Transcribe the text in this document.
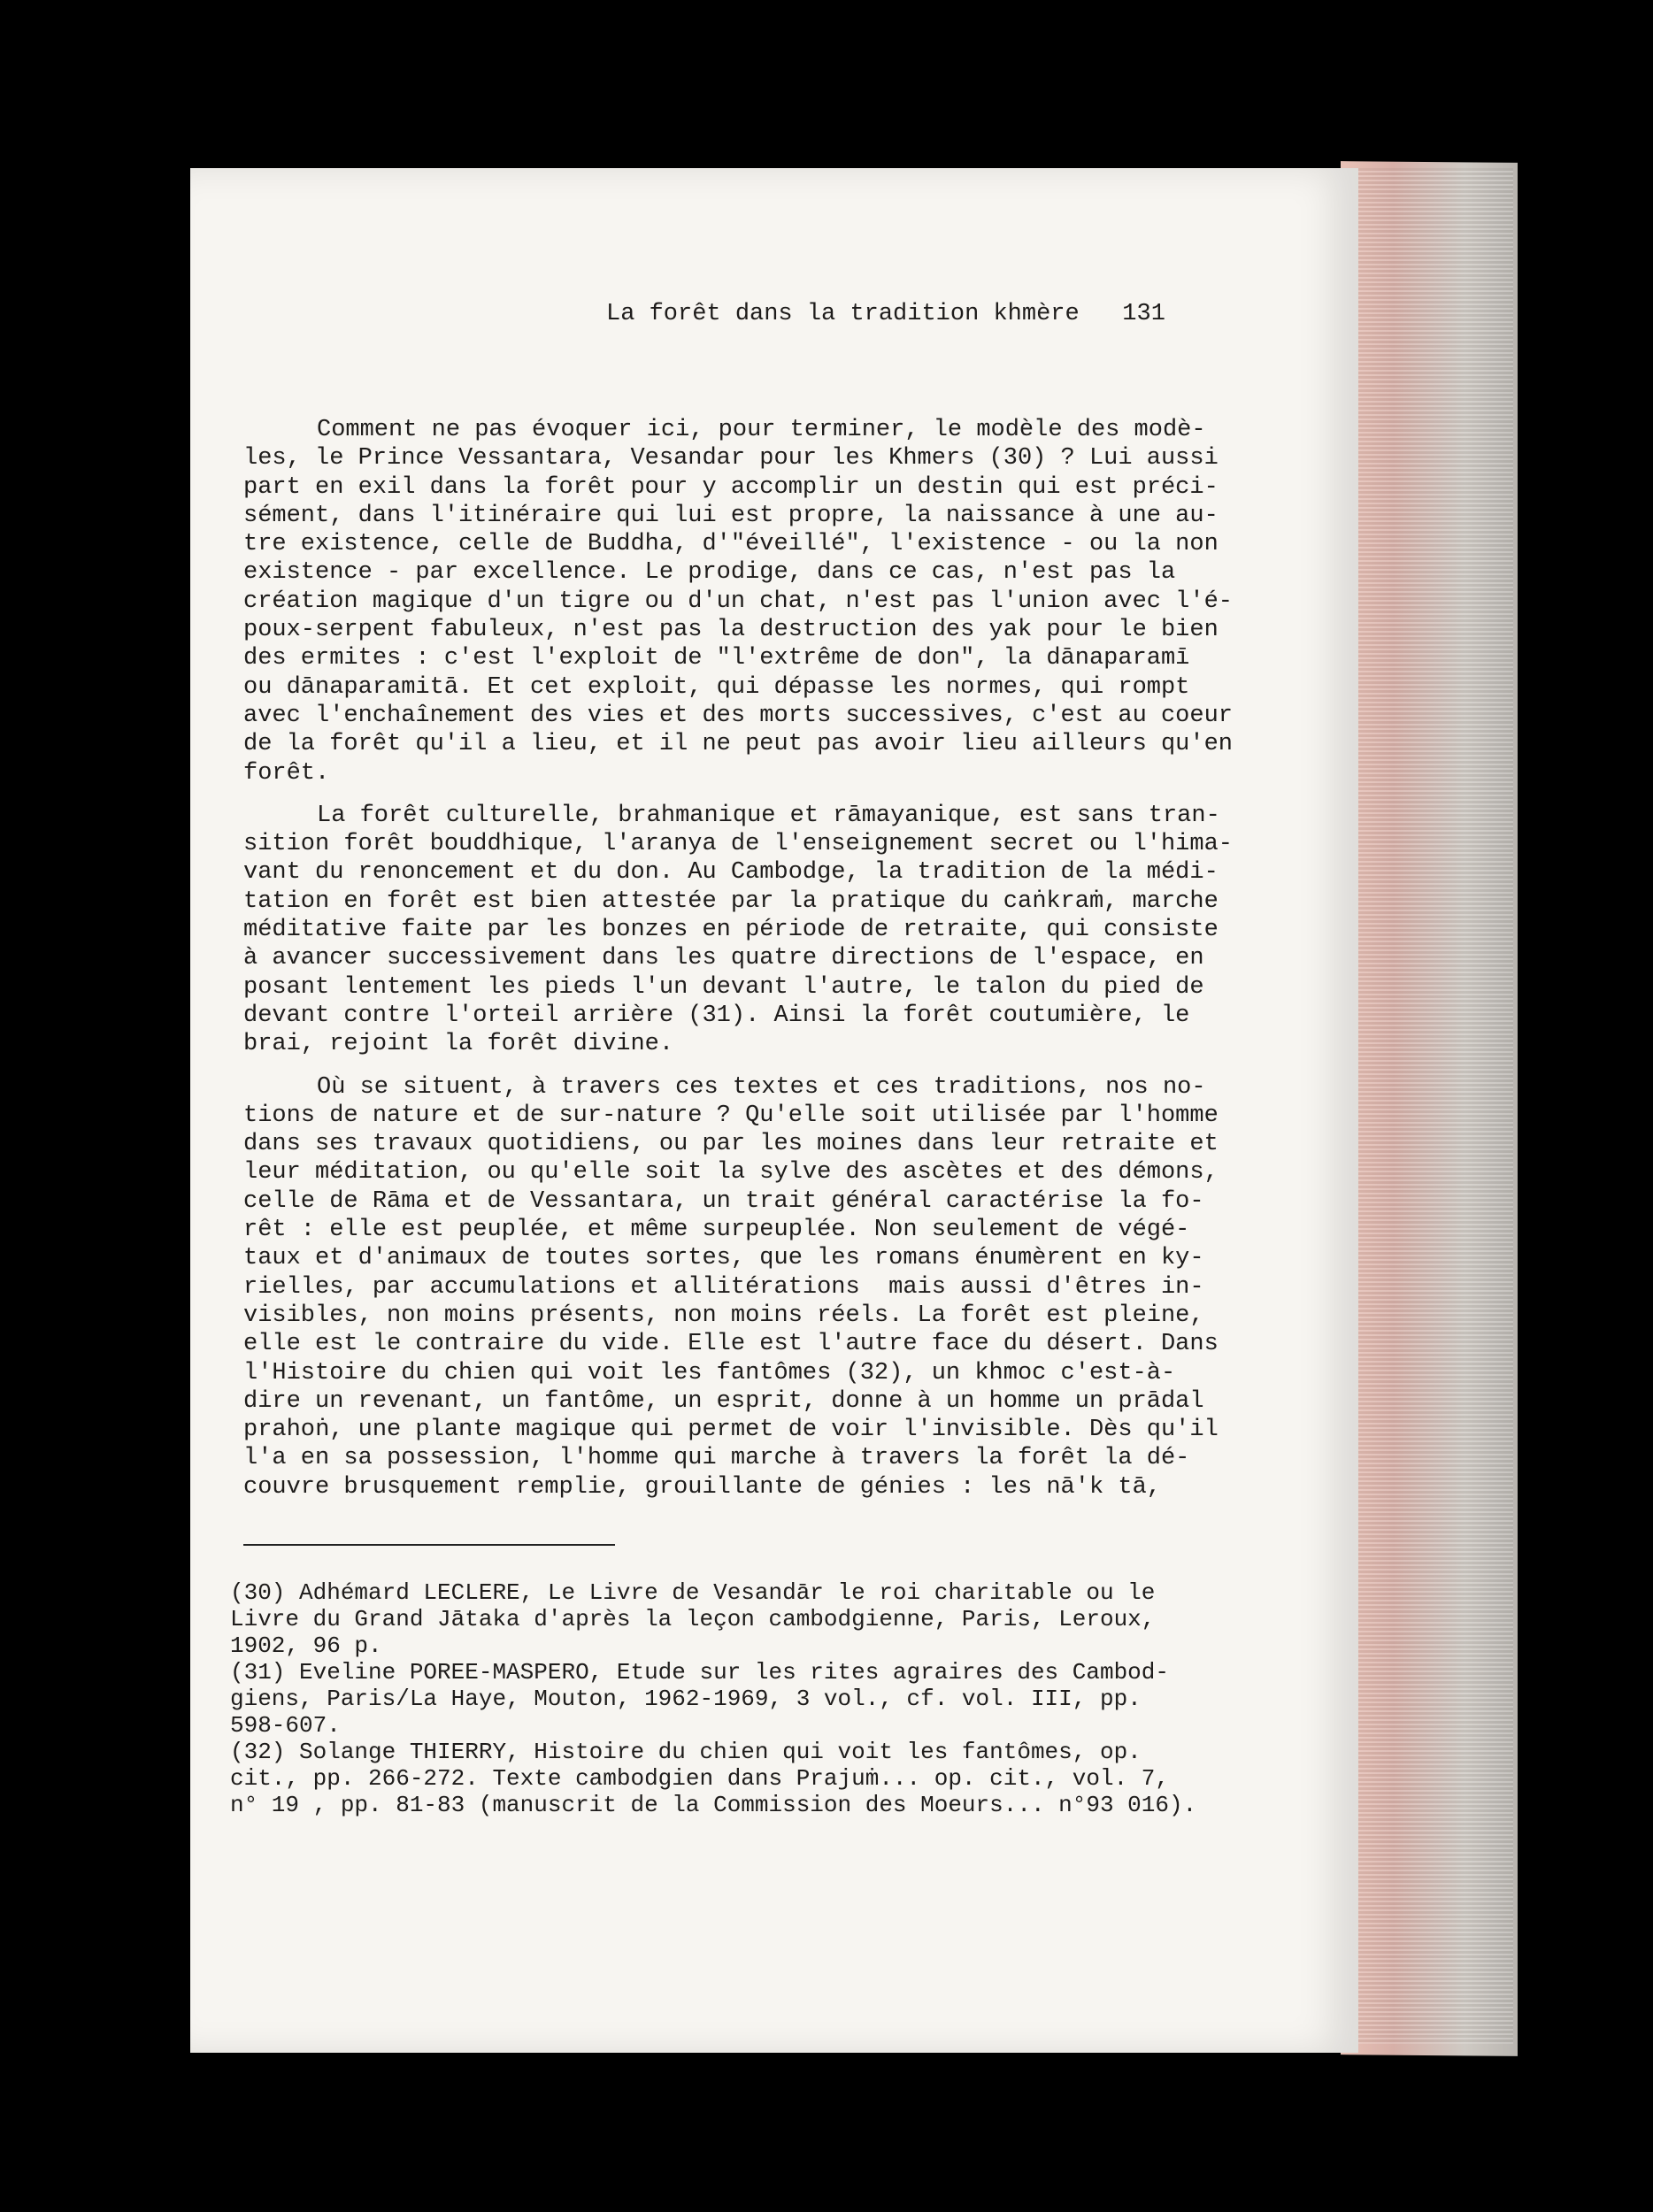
La forêt dans la tradition khmère 131
Comment ne pas évoquer ici, pour terminer, le modèle des modè-
les, le Prince Vessantara, Vesandar pour les Khmers (30) ? Lui aussi
part en exil dans la forêt pour y accomplir un destin qui est préci-
sément, dans l'itinéraire qui lui est propre, la naissance à une au-
tre existence, celle de Buddha, d'"éveillé", l'existence - ou la non
existence - par excellence. Le prodige, dans ce cas, n'est pas la
création magique d'un tigre ou d'un chat, n'est pas l'union avec l'é-
poux-serpent fabuleux, n'est pas la destruction des yak pour le bien
des ermites : c'est l'exploit de "l'extrême de don", la dānaparamī
ou dānaparamitā. Et cet exploit, qui dépasse les normes, qui rompt
avec l'enchaînement des vies et des morts successives, c'est au coeur
de la forêt qu'il a lieu, et il ne peut pas avoir lieu ailleurs qu'en
forêt.
La forêt culturelle, brahmanique et rāmayanique, est sans tran-
sition forêt bouddhique, l'aranya de l'enseignement secret ou l'hima-
vant du renoncement et du don. Au Cambodge, la tradition de la médi-
tation en forêt est bien attestée par la pratique du caṅkraṁ, marche
méditative faite par les bonzes en période de retraite, qui consiste
à avancer successivement dans les quatre directions de l'espace, en
posant lentement les pieds l'un devant l'autre, le talon du pied de
devant contre l'orteil arrière (31). Ainsi la forêt coutumière, le
brai, rejoint la forêt divine.
Où se situent, à travers ces textes et ces traditions, nos no-
tions de nature et de sur-nature ? Qu'elle soit utilisée par l'homme
dans ses travaux quotidiens, ou par les moines dans leur retraite et
leur méditation, ou qu'elle soit la sylve des ascètes et des démons,
celle de Rāma et de Vessantara, un trait général caractérise la fo-
rêt : elle est peuplée, et même surpeuplée. Non seulement de végé-
taux et d'animaux de toutes sortes, que les romans énumèrent en ky-
rielles, par accumulations et allitérations  mais aussi d'êtres in-
visibles, non moins présents, non moins réels. La forêt est pleine,
elle est le contraire du vide. Elle est l'autre face du désert. Dans
l'Histoire du chien qui voit les fantômes (32), un khmoc c'est-à-
dire un revenant, un fantôme, un esprit, donne à un homme un prādal
prahoṅ, une plante magique qui permet de voir l'invisible. Dès qu'il
l'a en sa possession, l'homme qui marche à travers la forêt la dé-
couvre brusquement remplie, grouillante de génies : les nā'k tā,
(30) Adhémard LECLERE, Le Livre de Vesandār le roi charitable ou le
Livre du Grand Jātaka d'après la leçon cambodgienne, Paris, Leroux,
1902, 96 p.
(31) Eveline POREE-MASPERO, Etude sur les rites agraires des Cambod-
giens, Paris/La Haye, Mouton, 1962-1969, 3 vol., cf. vol. III, pp.
598-607.
(32) Solange THIERRY, Histoire du chien qui voit les fantômes, op.
cit., pp. 266-272. Texte cambodgien dans Prajuṁ... op. cit., vol. 7,
n° 19 , pp. 81-83 (manuscrit de la Commission des Moeurs... n°93 016).
